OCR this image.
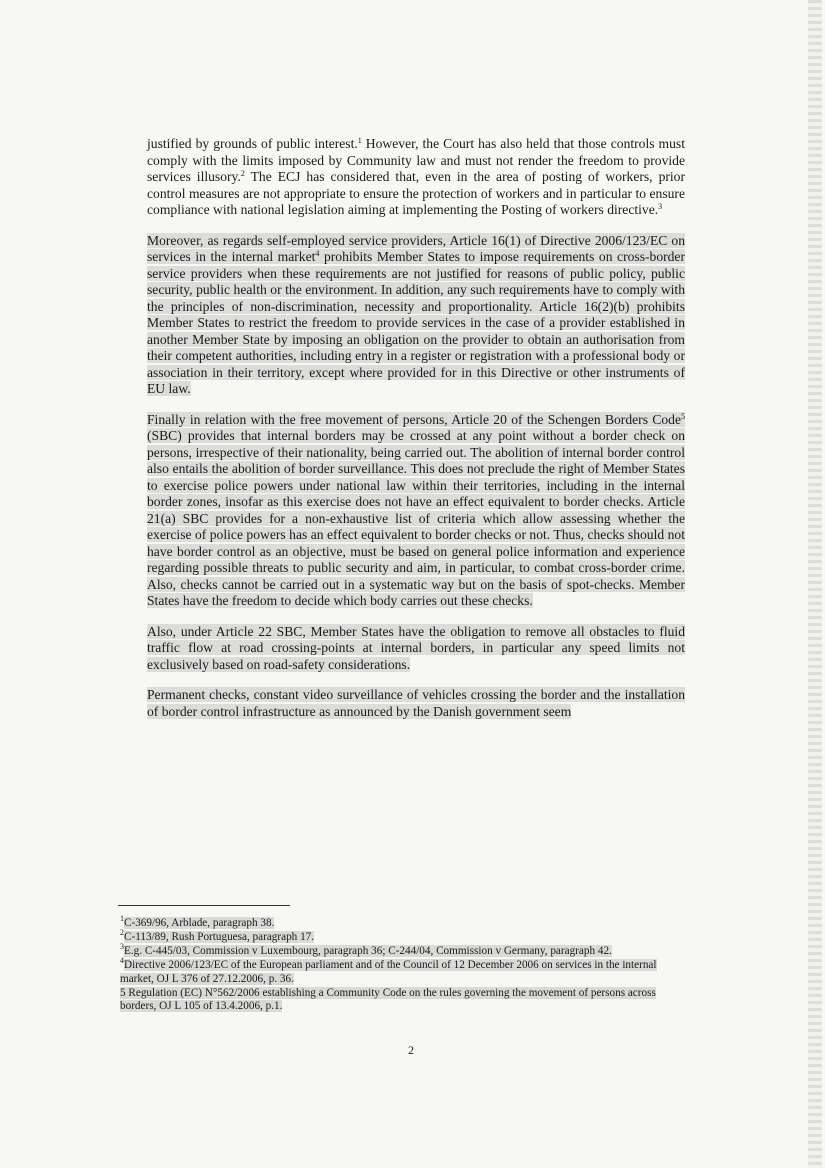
justified by grounds of public interest.$^1$ However, the Court has also held that those controls must comply with the limits imposed by Community law and must not render the freedom to provide services illusory.$^2$ The ECJ has considered that, even in the area of posting of workers, prior control measures are not appropriate to ensure the protection of workers and in particular to ensure compliance with national legislation aiming at implementing the Posting of workers directive.$^3$

Moreover, as regards self-employed service providers, Article 16(1) of Directive 2006/123/EC on services in the internal market$^4$ prohibits Member States to impose requirements on cross-border service providers when these requirements are not justified for reasons of public policy, public security, public health or the environment. In addition, any such requirements have to comply with the principles of non-discrimination, necessity and proportionality. Article 16(2)(b) prohibits Member States to restrict the freedom to provide services in the case of a provider established in another Member State by imposing an obligation on the provider to obtain an authorisation from their competent authorities, including entry in a register or registration with a professional body or association in their territory, except where provided for in this Directive or other instruments of EU law.

Finally in relation with the free movement of persons, Article 20 of the Schengen Borders Code$^5$ (SBC) provides that internal borders may be crossed at any point without a border check on persons, irrespective of their nationality, being carried out. The abolition of internal border control also entails the abolition of border surveillance. This does not preclude the right of Member States to exercise police powers under national law within their territories, including in the internal border zones, insofar as this exercise does not have an effect equivalent to border checks. Article 21(a) SBC provides for a non-exhaustive list of criteria which allow assessing whether the exercise of police powers has an effect equivalent to border checks or not. Thus, checks should not have border control as an objective, must be based on general police information and experience regarding possible threats to public security and aim, in particular, to combat cross-border crime. Also, checks cannot be carried out in a systematic way but on the basis of spot-checks. Member States have the freedom to decide which body carries out these checks.

Also, under Article 22 SBC, Member States have the obligation to remove all obstacles to fluid traffic flow at road crossing-points at internal borders, in particular any speed limits not exclusively based on road-safety considerations.

Permanent checks, constant video surveillance of vehicles crossing the border and the installation of border control infrastructure as announced by the Danish government seem

$^1$C-369/96, Arblade, paragraph 38.
$^2$C-113/89, Rush Portuguesa, paragraph 17.
$^3$E.g. C-445/03, Commission v Luxembourg, paragraph 36; C-244/04, Commission v Germany, paragraph 42.
$^4$Directive 2006/123/EC of the European parliament and of the Council of 12 December 2006 on services in the internal market, OJ L 376 of 27.12.2006, p. 36.
5 Regulation (EC) N°562/2006 establishing a Community Code on the rules governing the movement of persons across borders, OJ L 105 of 13.4.2006, p.1.
2
